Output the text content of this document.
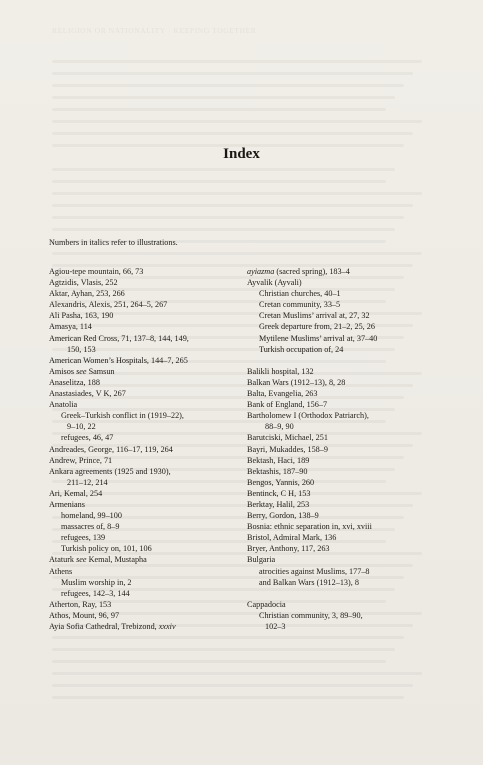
RELIGION OR NATIONALITY · KEEPING TOGETHER
Index
Numbers in italics refer to illustrations.
Agiou-tepe mountain, 66, 73
Agtzidis, Vlasis, 252
Aktar, Ayhan, 253, 266
Alexandris, Alexis, 251, 264–5, 267
Ali Pasha, 163, 190
Amasya, 114
American Red Cross, 71, 137–8, 144, 149,
150, 153
American Women’s Hospitals, 144–7, 265
Amisos see Samsun
Anaselitza, 188
Anastasiades, V K, 267
Anatolia
Greek–Turkish conflict in (1919–22),
9–10, 22
refugees, 46, 47
Andreades, George, 116–17, 119, 264
Andrew, Prince, 71
Ankara agreements (1925 and 1930),
211–12, 214
Ari, Kemal, 254
Armenians
homeland, 99–100
massacres of, 8–9
refugees, 139
Turkish policy on, 101, 106
Ataturk see Kemal, Mustapha
Athens
Muslim worship in, 2
refugees, 142–3, 144
Atherton, Ray, 153
Athos, Mount, 96, 97
Ayia Sofia Cathedral, Trebizond, xxxiv
ayiazma (sacred spring), 183–4
Ayvalik (Ayvali)
Christian churches, 40–1
Cretan community, 33–5
Cretan Muslims’ arrival at, 27, 32
Greek departure from, 21–2, 25, 26
Mytilene Muslims’ arrival at, 37–40
Turkish occupation of, 24
Balikli hospital, 132
Balkan Wars (1912–13), 8, 28
Balta, Evangelia, 263
Bank of England, 156–7
Bartholomew I (Orthodox Patriarch),
88–9, 90
Barutciski, Michael, 251
Bayri, Mukaddes, 158–9
Bektash, Haci, 189
Bektashis, 187–90
Bengos, Yannis, 260
Bentinck, C H, 153
Berktay, Halil, 253
Berry, Gordon, 138–9
Bosnia: ethnic separation in, xvi, xviii
Bristol, Admiral Mark, 136
Bryer, Anthony, 117, 263
Bulgaria
atrocities against Muslims, 177–8
and Balkan Wars (1912–13), 8
Cappadocia
Christian community, 3, 89–90,
102–3
